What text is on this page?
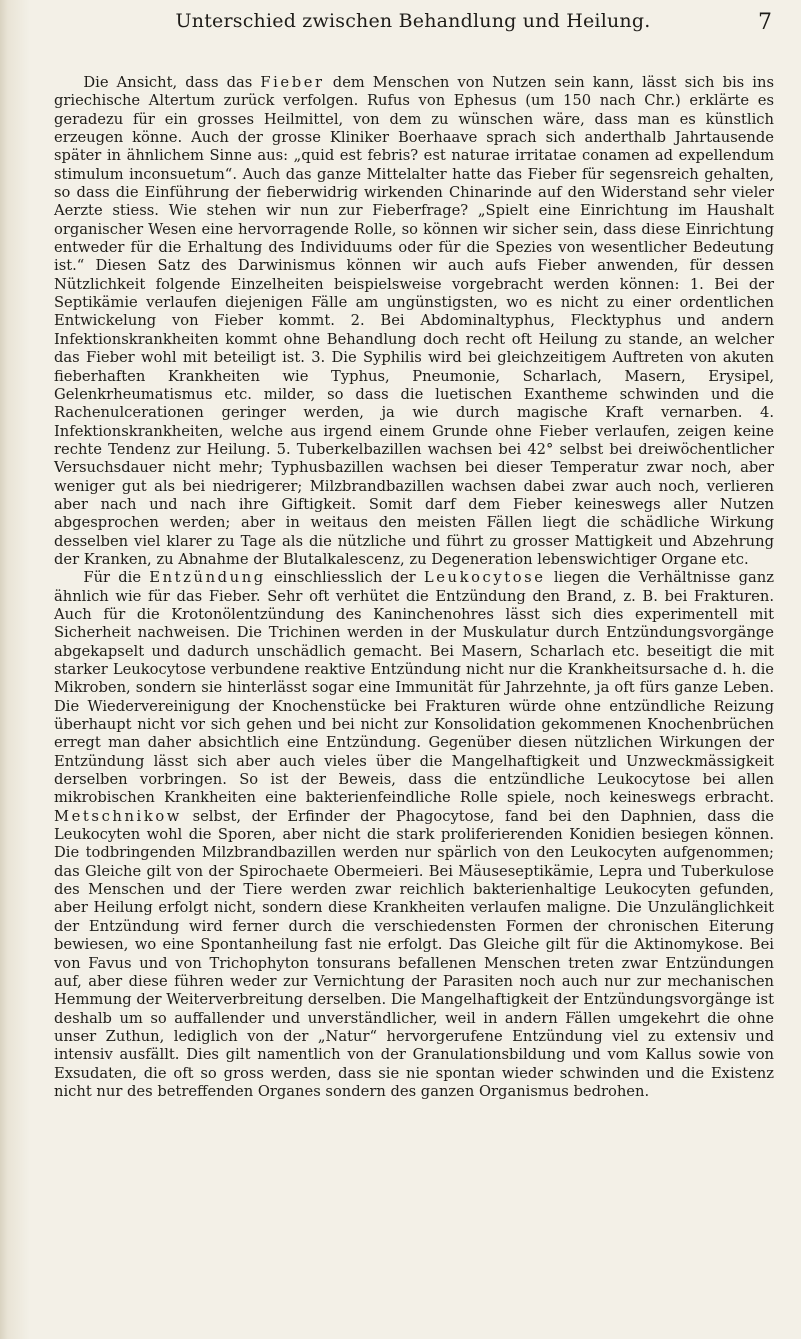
Unterschied zwischen Behandlung und Heilung.	7

Die Ansicht, dass das Fieber dem Menschen von Nutzen sein kann, lässt sich bis ins griechische Altertum zurück verfolgen. Rufus von Ephesus (um 150 nach Chr.) erklärte es geradezu für ein grosses Heilmittel, von dem zu wünschen wäre, dass man es künstlich erzeugen könne. Auch der grosse Kliniker Boerhaave sprach sich anderthalb Jahrtausende später in ähnlichem Sinne aus: „quid est febris? est naturae irritatae conamen ad expellendum stimulum inconsuetum“. Auch das ganze Mittelalter hatte das Fieber für segensreich gehalten, so dass die Einführung der fieberwidrig wirkenden Chinarinde auf den Widerstand sehr vieler Aerzte stiess. Wie stehen wir nun zur Fieberfrage? „Spielt eine Einrichtung im Haushalt organischer Wesen eine hervorragende Rolle, so können wir sicher sein, dass diese Einrichtung entweder für die Erhaltung des Individuums oder für die Spezies von wesentlicher Bedeutung ist.“ Diesen Satz des Darwinismus können wir auch aufs Fieber anwenden, für dessen Nützlichkeit folgende Einzelheiten beispielsweise vorgebracht werden können: 1. Bei der Septikämie verlaufen diejenigen Fälle am ungünstigsten, wo es nicht zu einer ordentlichen Entwickelung von Fieber kommt. 2. Bei Abdominaltyphus, Flecktyphus und andern Infektionskrankheiten kommt ohne Behandlung doch recht oft Heilung zu stande, an welcher das Fieber wohl mit beteiligt ist. 3. Die Syphilis wird bei gleichzeitigem Auftreten von akuten fieberhaften Krankheiten wie Typhus, Pneumonie, Scharlach, Masern, Erysipel, Gelenkrheumatismus etc. milder, so dass die luetischen Exantheme schwinden und die Rachenulcerationen geringer werden, ja wie durch magische Kraft vernarben. 4. Infektionskrankheiten, welche aus irgend einem Grunde ohne Fieber verlaufen, zeigen keine rechte Tendenz zur Heilung. 5. Tuberkelbazillen wachsen bei 42° selbst bei dreiwöchentlicher Versuchsdauer nicht mehr; Typhusbazillen wachsen bei dieser Temperatur zwar noch, aber weniger gut als bei niedrigerer; Milzbrandbazillen wachsen dabei zwar auch noch, verlieren aber nach und nach ihre Giftigkeit. Somit darf dem Fieber keineswegs aller Nutzen abgesprochen werden; aber in weitaus den meisten Fällen liegt die schädliche Wirkung desselben viel klarer zu Tage als die nützliche und führt zu grosser Mattigkeit und Abzehrung der Kranken, zu Abnahme der Blutalkalescenz, zu Degeneration lebenswichtiger Organe etc.

Für die Entzündung einschliesslich der Leukocytose liegen die Verhältnisse ganz ähnlich wie für das Fieber. Sehr oft verhütet die Entzündung den Brand, z. B. bei Frakturen. Auch für die Krotonölentzündung des Kaninchenohres lässt sich dies experimentell mit Sicherheit nachweisen. Die Trichinen werden in der Muskulatur durch Entzündungsvorgänge abgekapselt und dadurch unschädlich gemacht. Bei Masern, Scharlach etc. beseitigt die mit starker Leukocytose verbundene reaktive Entzündung nicht nur die Krankheitsursache d. h. die Mikroben, sondern sie hinterlässt sogar eine Immunität für Jahrzehnte, ja oft fürs ganze Leben. Die Wiedervereinigung der Knochenstücke bei Frakturen würde ohne entzündliche Reizung überhaupt nicht vor sich gehen und bei nicht zur Konsolidation gekommenen Knochenbrüchen erregt man daher absichtlich eine Entzündung. Gegenüber diesen nützlichen Wirkungen der Entzündung lässt sich aber auch vieles über die Mangelhaftigkeit und Unzweckmässigkeit derselben vorbringen. So ist der Beweis, dass die entzündliche Leukocytose bei allen mikrobischen Krankheiten eine bakterienfeindliche Rolle spiele, noch keineswegs erbracht. Metschnikow selbst, der Erfinder der Phagocytose, fand bei den Daphnien, dass die Leukocyten wohl die Sporen, aber nicht die stark proliferierenden Konidien besiegen können. Die todbringenden Milzbrandbazillen werden nur spärlich von den Leukocyten aufgenommen; das Gleiche gilt von der Spirochaete Obermeieri. Bei Mäuseseptikämie, Lepra und Tuberkulose des Menschen und der Tiere werden zwar reichlich bakterienhaltige Leukocyten gefunden, aber Heilung erfolgt nicht, sondern diese Krankheiten verlaufen maligne. Die Unzulänglichkeit der Entzündung wird ferner durch die verschiedensten Formen der chronischen Eiterung bewiesen, wo eine Spontanheilung fast nie erfolgt. Das Gleiche gilt für die Aktinomykose. Bei von Favus und von Trichophyton tonsurans befallenen Menschen treten zwar Entzündungen auf, aber diese führen weder zur Vernichtung der Parasiten noch auch nur zur mechanischen Hemmung der Weiterverbreitung derselben. Die Mangelhaftigkeit der Entzündungsvorgänge ist deshalb um so auffallender und unverständlicher, weil in andern Fällen umgekehrt die ohne unser Zuthun, lediglich von der „Natur“ hervorgerufene Entzündung viel zu extensiv und intensiv ausfällt. Dies gilt namentlich von der Granulationsbildung und vom Kallus sowie von Exsudaten, die oft so gross werden, dass sie nie spontan wieder schwinden und die Existenz nicht nur des betreffenden Organes sondern des ganzen Organismus bedrohen.
